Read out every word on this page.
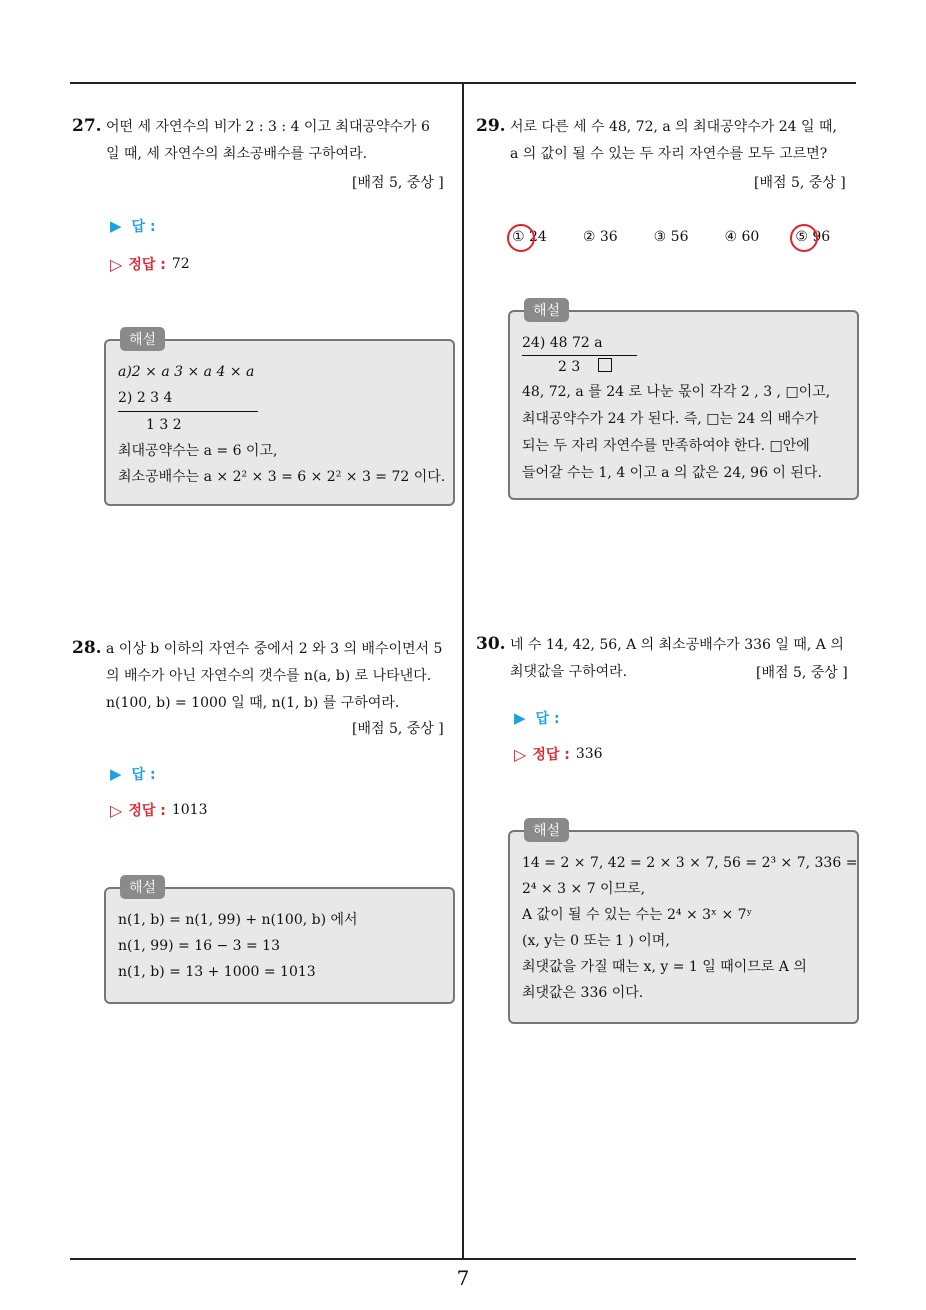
27. 어떤 세 자연수의 비가 2 : 3 : 4 이고 최대공약수가 6
일 때, 세 자연수의 최소공배수를 구하여라.
[배점 5, 중상 ]
▶ 답 :
▷ 정답 : 72
해설
a)2 × a 3 × a 4 × a
2) 2 3 4
1 3 2
최대공약수는 a = 6 이고,
최소공배수는 a × 2² × 3 = 6 × 2² × 3 = 72 이다.
28. a 이상 b 이하의 자연수 중에서 2 와 3 의 배수이면서 5
의 배수가 아닌 자연수의 갯수를 n(a, b) 로 나타낸다.
n(100, b) = 1000 일 때, n(1, b) 를 구하여라.
[배점 5, 중상 ]
▶ 답 :
▷ 정답 : 1013
해설
n(1, b) = n(1, 99) + n(100, b) 에서
n(1, 99) = 16 − 3 = 13
n(1, b) = 13 + 1000 = 1013
29. 서로 다른 세 수 48, 72, a 의 최대공약수가 24 일 때,
a 의 값이 될 수 있는 두 자리 자연수를 모두 고르면?
[배점 5, 중상 ]
① 24	② 36	③ 56	④ 60	⑤ 96
해설
24) 48 72 a
2 3
48, 72, a 를 24 로 나눈 몫이 각각 2 , 3 , □이고,
최대공약수가 24 가 된다. 즉, □는 24 의 배수가
되는 두 자리 자연수를 만족하여야 한다. □안에
들어갈 수는 1, 4 이고 a 의 값은 24, 96 이 된다.
30. 네 수 14, 42, 56, A 의 최소공배수가 336 일 때, A 의
최댓값을 구하여라.	[배점 5, 중상 ]
▶ 답 :
▷ 정답 : 336
해설
14 = 2 × 7, 42 = 2 × 3 × 7, 56 = 2³ × 7, 336 =
2⁴ × 3 × 7 이므로,
A 값이 될 수 있는 수는 2⁴ × 3ˣ × 7ʸ
(x, y는 0 또는 1 ) 이며,
최댓값을 가질 때는 x, y = 1 일 때이므로 A 의
최댓값은 336 이다.
7
